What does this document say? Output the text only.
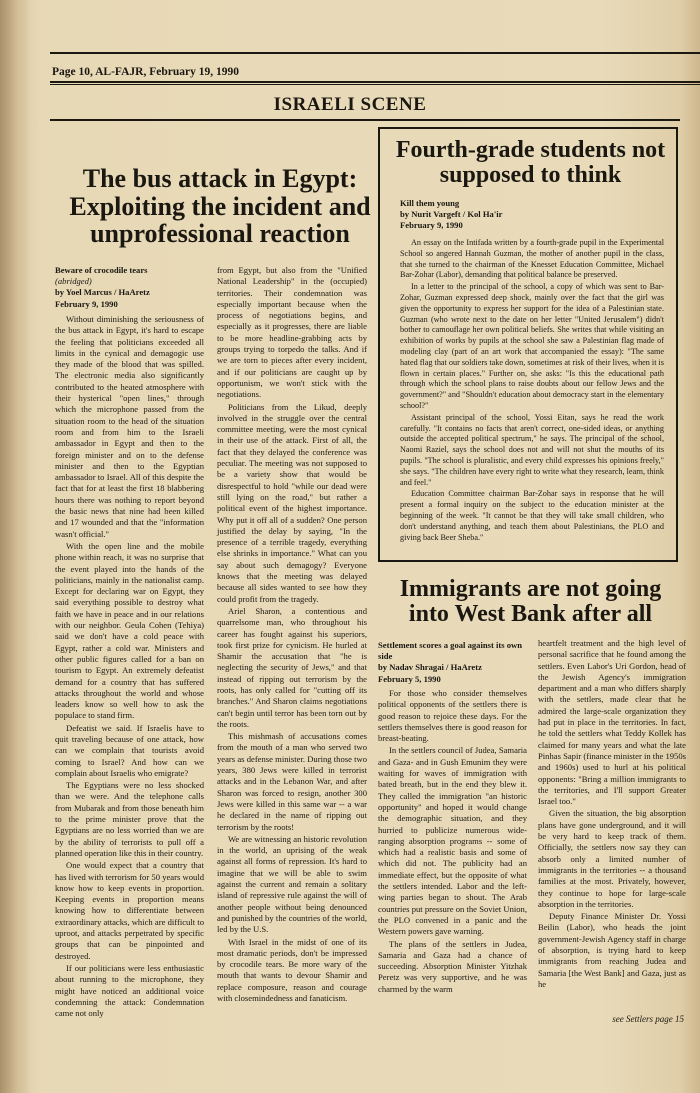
Page 10, AL-FAJR, February 19, 1990
ISRAELI SCENE
The bus attack in Egypt: Exploiting the incident and unprofessional reaction
Beware of crocodile tears
(abridged)
by Yoel Marcus / HaAretz
February 9, 1990

Without diminishing the seriousness of the bus attack in Egypt, it's hard to escape the feeling that politicians exceeded all limits in the cynical and demagogic use they made of the blood that was spilled. The electronic media also significantly contributed to the heated atmosphere with their hysterical "open lines," through which the microphone passed from the situation room to the head of the situation room and from him to the Israeli ambassador in Egypt and then to the foreign minister and on to the defense minister and then to the Egyptian ambassador to Israel. All of this despite the fact that for at least the first 18 blabbering hours there was nothing to report beyond the basic news that nine had been killed and 17 wounded and that the "information wasn't official."

With the open line and the mobile phone within reach, it was no surprise that the event played into the hands of the politicians, mainly in the nationalist camp. Except for declaring war on Egypt, they said everything possible to destroy what faith we have in peace and in our relations with our neighbor. Geula Cohen (Tehiya) said we don't have a cold peace with Egypt, rather a cold war. Ministers and other public figures called for a ban on tourism to Egypt. An extremely defeatist demand for a country that has suffered attacks throughout the world and whose leaders know so well how to ask the populace to stand firm.

Defeatist we said. If Israelis have to quit traveling because of one attack, how can we complain that tourists avoid coming to Israel? And how can we complain about Israelis who emigrate?

The Egyptians were no less shocked than we were. And the telephone calls from Mubarak and from those beneath him to the prime minister prove that the Egyptians are no less worried than we are by the ability of terrorists to pull off a planned operation like this in their country.

One would expect that a country that has lived with terrorism for 50 years would know how to keep events in proportion. Keeping events in proportion means knowing how to differentiate between extraordinary attacks, which are difficult to uproot, and attacks perpetrated by specific groups that can be pinpointed and destroyed.

If our politicians were less enthusiastic about running to the microphone, they might have noticed an additional voice condemning the attack: Condemnation came not only

from Egypt, but also from the "Unified National Leadership" in the (occupied) territories. Their condemnation was especially important because when the process of negotiations begins, and especially as it progresses, there are liable to be more headline-grabbing acts by groups trying to torpedo the talks. And if we are torn to pieces after every incident, and if our politicians are caught up by opportunism, we won't stick with the negotiations.

Politicians from the Likud, deeply involved in the struggle over the central committee meeting, were the most cynical in their use of the attack. First of all, the fact that they delayed the conference was peculiar. The meeting was not supposed to be a variety show that would be disrespectful to hold "while our dead were still lying on the road," but rather a political event of the highest importance. Why put it off all of a sudden? One person justified the delay by saying, "In the presence of a terrible tragedy, everything else shrinks in importance." What can you say about such demagogy? Everyone knows that the meeting was delayed because all sides wanted to see how they could profit from the tragedy.

Ariel Sharon, a contentious and quarrelsome man, who throughout his career has fought against his superiors, took first prize for cynicism. He hurled at Shamir the accusation that "he is neglecting the security of Jews," and that instead of ripping out terrorism by the roots, has only called for "cutting off its branches." And Sharon claims negotiations can't begin until terror has been torn out by the roots.

This mishmash of accusations comes from the mouth of a man who served two years as defense minister. During those two years, 380 Jews were killed in terrorist attacks and in the Lebanon War, and after Sharon was forced to resign, another 300 Jews were killed in this same war -- a war he declared in the name of ripping out terrorism by the roots!

We are witnessing an historic revolution in the world, an uprising of the weak against all forms of repression. It's hard to imagine that we will be able to swim against the current and remain a solitary island of repressive rule against the will of another people without being denounced and punished by the countries of the world, led by the U.S.

With Israel in the midst of one of its most dramatic periods, don't be impressed by crocodile tears. Be more wary of the mouth that wants to devour Shamir and replace composure, reason and courage with closemindedness and fanaticism.

Fourth-grade students not supposed to think
Kill them young
by Nurit Vargeft / Kol Ha'ir
February 9, 1990

An essay on the Intifada written by a fourth-grade pupil in the Experimental School so angered Hannah Guzman, the mother of another pupil in the class, that she turned to the chairman of the Knesset Education Committee, Michael Bar-Zohar (Labor), demanding that political balance be preserved.

In a letter to the principal of the school, a copy of which was sent to Bar-Zohar, Guzman expressed deep shock, mainly over the fact that the girl was given the opportunity to express her support for the idea of a Palestinian state. Guzman (who wrote next to the date on her letter "United Jerusalem") didn't bother to camouflage her own political beliefs. She writes that while visiting an exhibition of works by pupils at the school she saw a Palestinian flag made of modeling clay (part of an art work that accompanied the essay): "The same hated flag that our soldiers take down, sometimes at risk of their lives, when it is flown in certain places." Further on, she asks: "Is this the educational path through which the school plans to raise doubts about our fellow Jews and the government?" and "Shouldn't education about democracy start in the elementary school?"

Assistant principal of the school, Yossi Eitan, says he read the work carefully. "It contains no facts that aren't correct, one-sided ideas, or anything outside the accepted political spectrum," he says. The principal of the school, Naomi Raziel, says the school does not and will not shut the mouths of its pupils. "The school is pluralistic, and every child expresses his opinions freely," she says. "The children have every right to write what they research, learn, think and feel."

Education Committee chairman Bar-Zohar says in response that he will present a formal inquiry on the subject to the education minister at the beginning of the week. "It cannot be that they will take small children, who don't understand anything, and teach them about Palestinians, the PLO and giving back Beer Sheba."

Immigrants are not going into West Bank after all
Settlement scores a goal against its own side
by Nadav Shragai / HaAretz
February 5, 1990

For those who consider themselves political opponents of the settlers there is good reason to rejoice these days. For the settlers themselves there is good reason for breast-beating.

In the settlers council of Judea, Samaria and Gaza- and in Gush Emunim they were waiting for waves of immigration with bated breath, but in the end they blew it. They called the immigration "an historic opportunity" and hoped it would change the demographic situation, and they hurried to publicize numerous wide-ranging absorption programs -- some of which had a realistic basis and some of which did not. The publicity had an immediate effect, but the opposite of what the settlers intended. Labor and the left-wing parties began to shout. The Arab countries put pressure on the Soviet Union, the PLO convened in a panic and the Western powers gave warning.

The plans of the settlers in Judea, Samaria and Gaza had a chance of succeeding. Absorption Minister Yitzhak Peretz was very supportive, and he was charmed by the warm

heartfelt treatment and the high level of personal sacrifice that he found among the settlers. Even Labor's Uri Gordon, head of the Jewish Agency's immigration department and a man who differs sharply with the settlers, made clear that he admired the large-scale organization they had put in place in the territories. In fact, he told the settlers what Teddy Kollek has claimed for many years and what the late Pinhas Sapir (finance minister in the 1950s and 1960s) used to hurl at his political opponents: "Bring a million immigrants to the territories, and I'll support Greater Israel too."

Given the situation, the big absorption plans have gone underground, and it will be very hard to keep track of them. Officially, the settlers now say they can absorb only a limited number of immigrants in the territories -- a thousand families at the most. Privately, however, they continue to hope for large-scale absorption in the territories.

Deputy Finance Minister Dr. Yossi Beilin (Labor), who heads the joint government-Jewish Agency staff in charge of absorption, is trying hard to keep immigrants from reaching Judea and Samaria [the West Bank] and Gaza, just as he

see Settlers page 15
